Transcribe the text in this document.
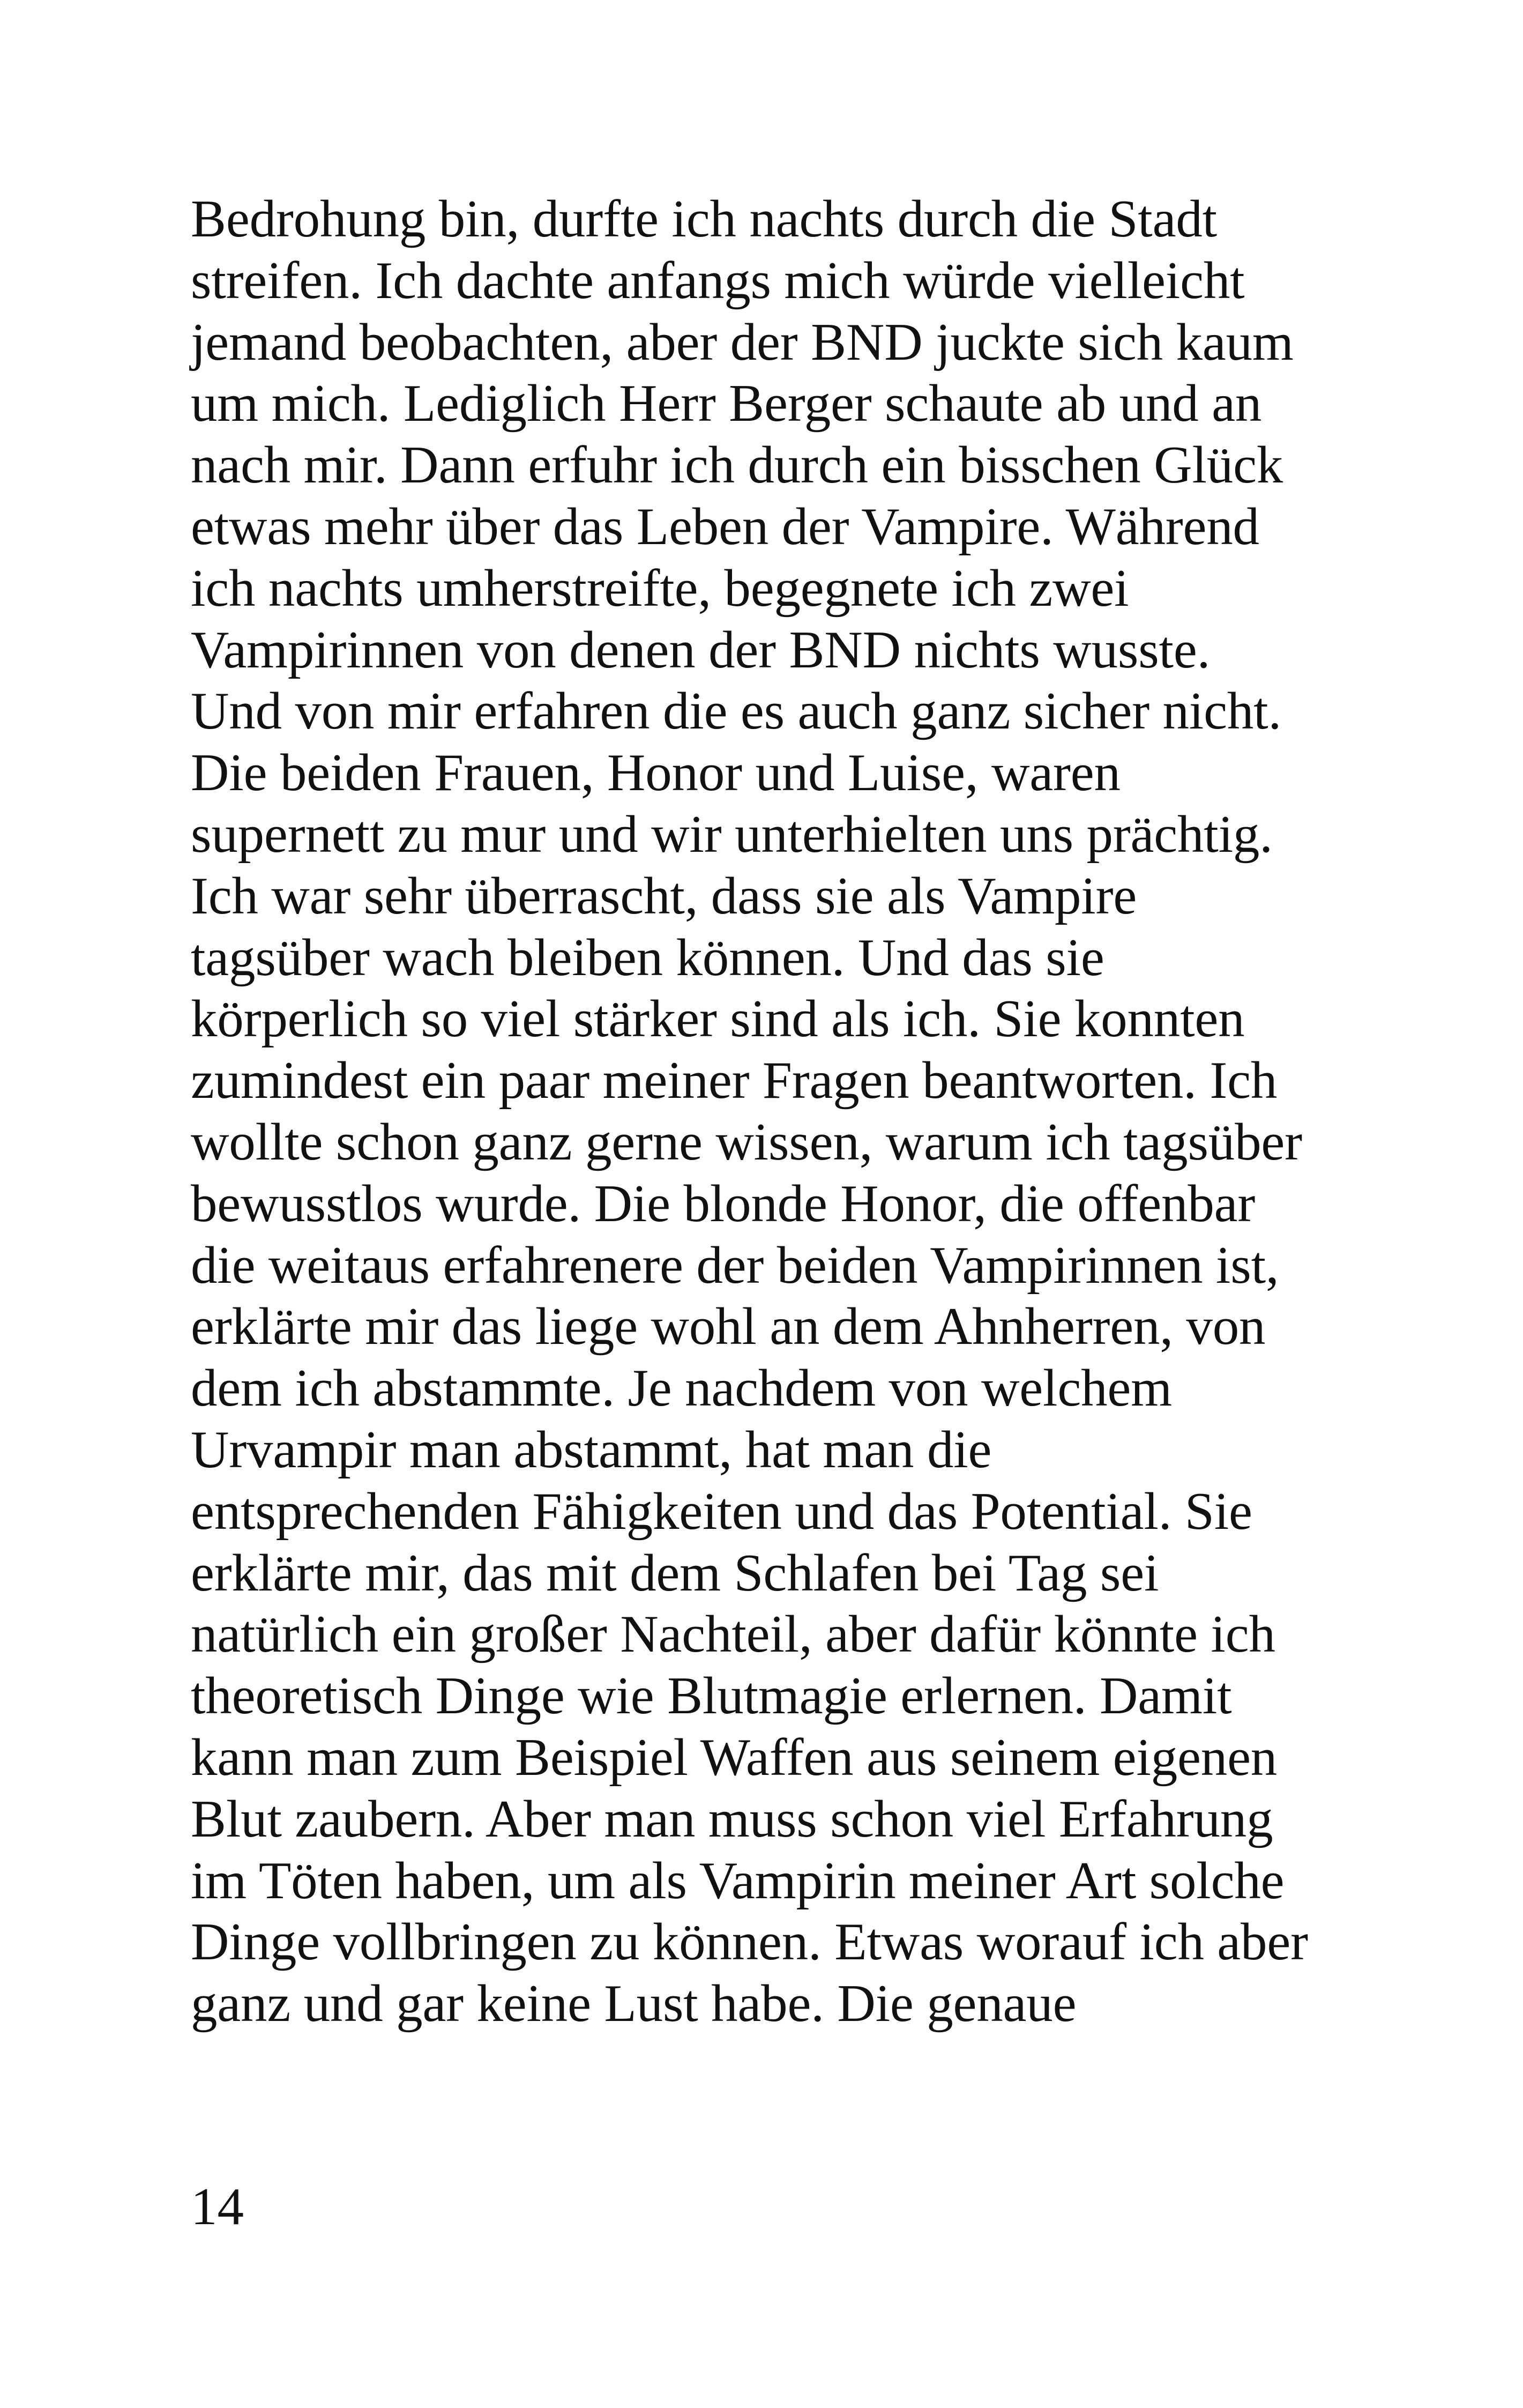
Bedrohung bin, durfte ich nachts durch die Stadt
streifen. Ich dachte anfangs mich würde vielleicht
jemand beobachten, aber der BND juckte sich kaum
um mich. Lediglich Herr Berger schaute ab und an
nach mir. Dann erfuhr ich durch ein bisschen Glück
etwas mehr über das Leben der Vampire. Während
ich nachts umherstreifte, begegnete ich zwei
Vampirinnen von denen der BND nichts wusste.
Und von mir erfahren die es auch ganz sicher nicht.
Die beiden Frauen, Honor und Luise, waren
supernett zu mur und wir unterhielten uns prächtig.
Ich war sehr überrascht, dass sie als Vampire
tagsüber wach bleiben können. Und das sie
körperlich so viel stärker sind als ich. Sie konnten
zumindest ein paar meiner Fragen beantworten. Ich
wollte schon ganz gerne wissen, warum ich tagsüber
bewusstlos wurde. Die blonde Honor, die offenbar
die weitaus erfahrenere der beiden Vampirinnen ist,
erklärte mir das liege wohl an dem Ahnherren, von
dem ich abstammte. Je nachdem von welchem
Urvampir man abstammt, hat man die
entsprechenden Fähigkeiten und das Potential. Sie
erklärte mir, das mit dem Schlafen bei Tag sei
natürlich ein großer Nachteil, aber dafür könnte ich
theoretisch Dinge wie Blutmagie erlernen. Damit
kann man zum Beispiel Waffen aus seinem eigenen
Blut zaubern. Aber man muss schon viel Erfahrung
im Töten haben, um als Vampirin meiner Art solche
Dinge vollbringen zu können. Etwas worauf ich aber
ganz und gar keine Lust habe. Die genaue
14
